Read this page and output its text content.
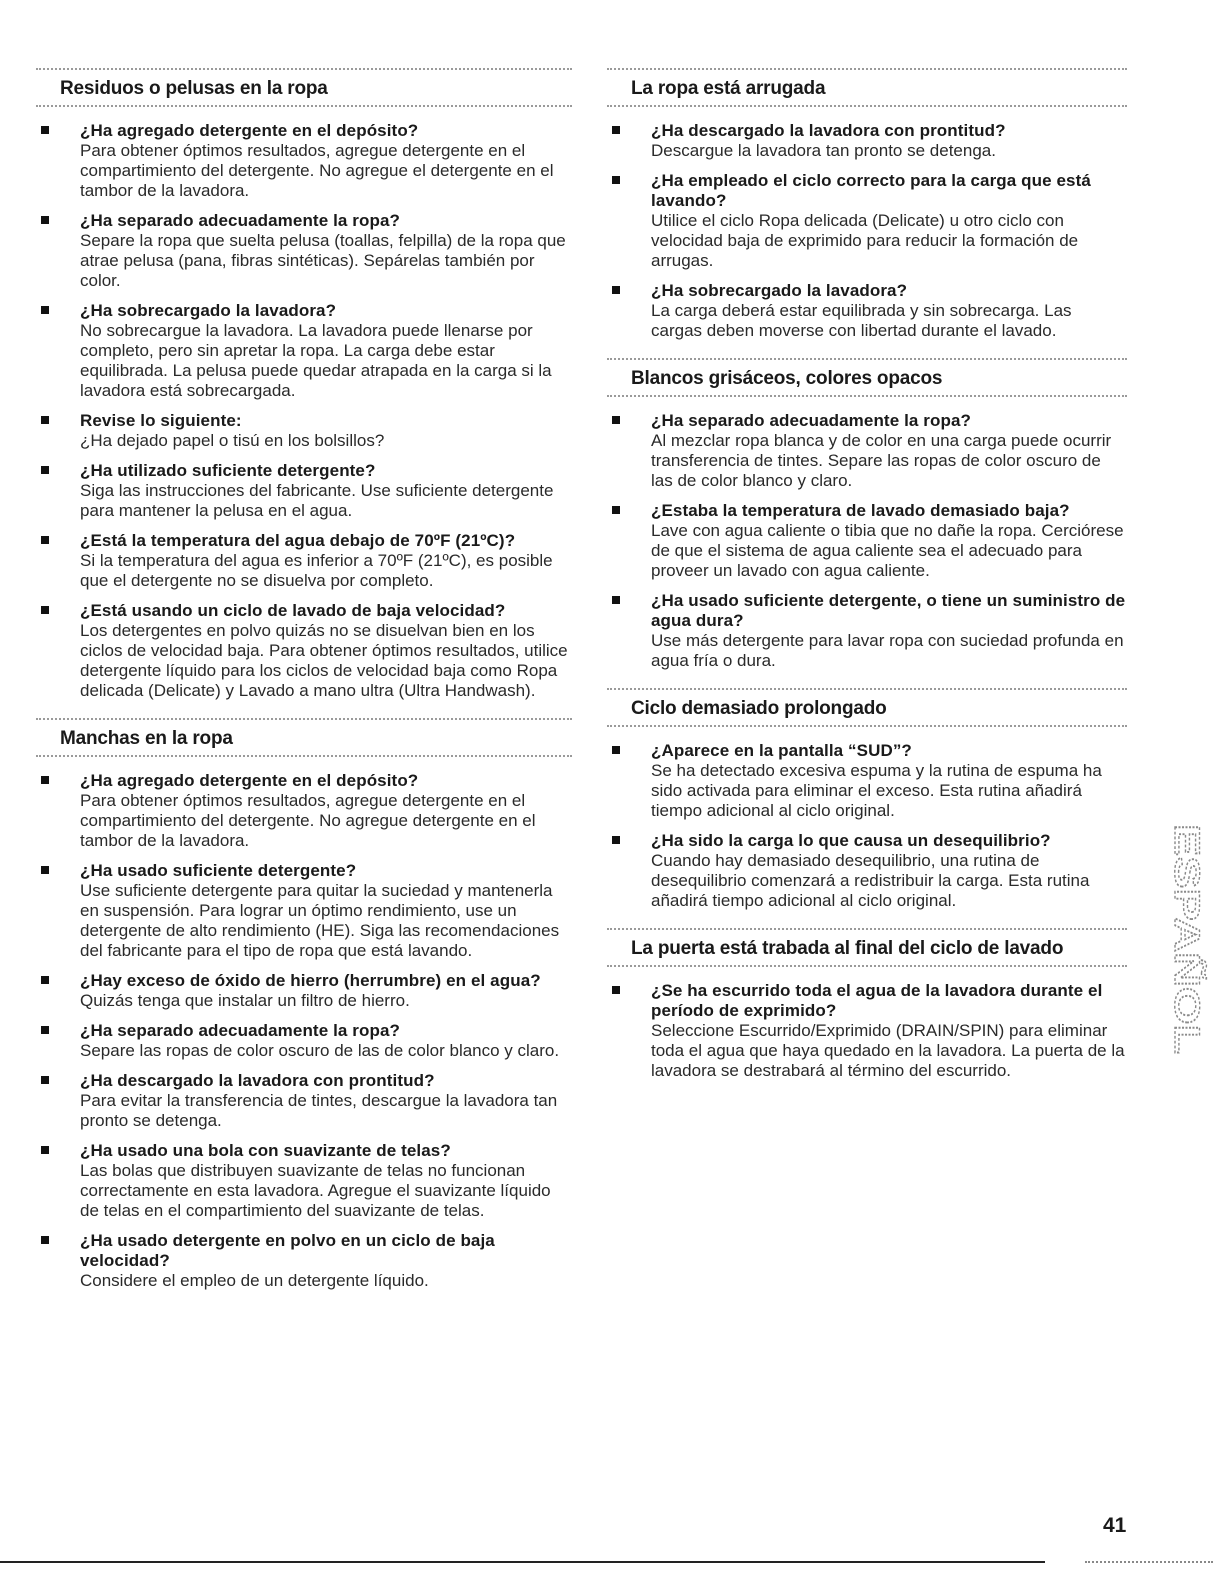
Residuos o pelusas en la ropa
¿Ha agregado detergente en el depósito?
Para obtener óptimos resultados, agregue detergente en el compartimiento del detergente. No agregue el detergente en el tambor de la lavadora.
¿Ha separado adecuadamente la ropa?
Separe la ropa que suelta pelusa (toallas, felpilla) de la ropa que atrae pelusa (pana, fibras sintéticas). Sepárelas también por color.
¿Ha sobrecargado la lavadora?
No sobrecargue la lavadora. La lavadora puede llenarse por completo, pero sin apretar la ropa. La carga debe estar equilibrada. La pelusa puede quedar atrapada en la carga si la lavadora está sobrecargada.
Revise lo siguiente:
¿Ha dejado papel o tisú en los bolsillos?
¿Ha utilizado suficiente detergente?
Siga las instrucciones del fabricante. Use suficiente detergente para mantener la pelusa en el agua.
¿Está la temperatura del agua debajo de 70ºF (21ºC)?
Si la temperatura del agua es inferior a 70ºF (21ºC), es posible que el detergente no se disuelva por completo.
¿Está usando un ciclo de lavado de baja velocidad?
Los detergentes en polvo quizás no se disuelvan bien en los ciclos de velocidad baja. Para obtener óptimos resultados, utilice detergente líquido para los ciclos de velocidad baja como Ropa delicada (Delicate) y Lavado a mano ultra (Ultra Handwash).
Manchas en la ropa
¿Ha agregado detergente en el depósito?
Para obtener óptimos resultados, agregue detergente en el compartimiento del detergente. No agregue detergente en el tambor de la lavadora.
¿Ha usado suficiente detergente?
Use suficiente detergente para quitar la suciedad y mantenerla en suspensión. Para lograr un óptimo rendimiento, use un detergente de alto rendimiento (HE). Siga las recomendaciones del fabricante para el tipo de ropa que está lavando.
¿Hay exceso de óxido de hierro (herrumbre) en el agua?
Quizás tenga que instalar un filtro de hierro.
¿Ha separado adecuadamente la ropa?
Separe las ropas de color oscuro de las de color blanco y claro.
¿Ha descargado la lavadora con prontitud?
Para evitar la transferencia de tintes, descargue la lavadora tan pronto se detenga.
¿Ha usado una bola con suavizante de telas?
Las bolas que distribuyen suavizante de telas no funcionan correctamente en esta lavadora. Agregue el suavizante líquido de telas en el compartimiento del suavizante de telas.
¿Ha usado detergente en polvo en un ciclo de baja velocidad?
Considere el empleo de un detergente líquido.
La ropa está arrugada
¿Ha descargado la lavadora con prontitud?
Descargue la lavadora tan pronto se detenga.
¿Ha empleado el ciclo correcto para la carga que está lavando?
Utilice el ciclo Ropa delicada (Delicate) u otro ciclo con velocidad baja de exprimido para reducir la formación de arrugas.
¿Ha sobrecargado la lavadora?
La carga deberá estar equilibrada y sin sobrecarga. Las cargas deben moverse con libertad durante el lavado.
Blancos grisáceos, colores opacos
¿Ha separado adecuadamente la ropa?
Al mezclar ropa blanca y de color en una carga puede ocurrir transferencia de tintes. Separe las ropas de color oscuro de las de color blanco y claro.
¿Estaba la temperatura de lavado demasiado baja?
Lave con agua caliente o tibia que no dañe la ropa. Cerciórese de que el sistema de agua caliente sea el adecuado para proveer un lavado con agua caliente.
¿Ha usado suficiente detergente, o tiene un suministro de agua dura?
Use más detergente para lavar ropa con suciedad profunda en agua fría o dura.
Ciclo demasiado prolongado
¿Aparece en la pantalla “SUD”?
Se ha detectado excesiva espuma y la rutina de espuma ha sido activada para eliminar el exceso. Esta rutina añadirá tiempo adicional al ciclo original.
¿Ha sido la carga lo que causa un desequilibrio?
Cuando hay demasiado desequilibrio, una rutina de desequilibrio comenzará a redistribuir la carga. Esta rutina añadirá tiempo adicional al ciclo original.
La puerta está trabada al final del ciclo de lavado
¿Se ha escurrido toda el agua de la lavadora durante el período de exprimido?
Seleccione Escurrido/Exprimido (DRAIN/SPIN) para eliminar toda el agua que haya quedado en la lavadora. La puerta de la lavadora se destrabará al término del escurrido.
ESPAÑOL
41
